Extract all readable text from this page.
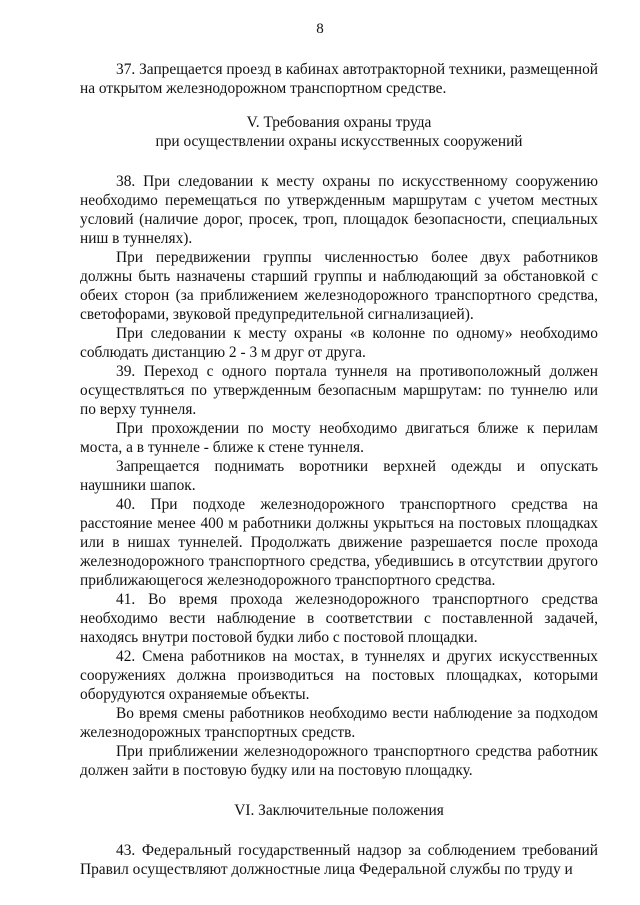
8

37. Запрещается проезд в кабинах автотракторной техники, размещенной на открытом железнодорожном транспортном средстве.

V. Требования охраны труда

при осуществлении охраны искусственных сооружений

38. При следовании к месту охраны по искусственному сооружению необходимо перемещаться по утвержденным маршрутам с учетом местных условий (наличие дорог, просек, троп, площадок безопасности, специальных ниш в туннелях).

При передвижении группы численностью более двух работников должны быть назначены старший группы и наблюдающий за обстановкой с обеих сторон (за приближением железнодорожного транспортного средства, светофорами, звуковой предупредительной сигнализацией).

При следовании к месту охраны «в колонне по одному» необходимо соблюдать дистанцию 2 - 3 м друг от друга.

39. Переход с одного портала туннеля на противоположный должен осуществляться по утвержденным безопасным маршрутам: по туннелю или по верху туннеля.

При прохождении по мосту необходимо двигаться ближе к перилам моста, а в туннеле - ближе к стене туннеля.

Запрещается поднимать воротники верхней одежды и опускать наушники шапок.

40. При подходе железнодорожного транспортного средства на расстояние менее 400 м работники должны укрыться на постовых площадках или в нишах туннелей. Продолжать движение разрешается после прохода железнодорожного транспортного средства, убедившись в отсутствии другого приближающегося железнодорожного транспортного средства.

41. Во время прохода железнодорожного транспортного средства необходимо вести наблюдение в соответствии с поставленной задачей, находясь внутри постовой будки либо с постовой площадки.

42. Смена работников на мостах, в туннелях и других искусственных сооружениях должна производиться на постовых площадках, которыми оборудуются охраняемые объекты.

Во время смены работников необходимо вести наблюдение за подходом железнодорожных транспортных средств.

При приближении железнодорожного транспортного средства работник должен зайти в постовую будку или на постовую площадку.

VI. Заключительные положения

43. Федеральный государственный надзор за соблюдением требований Правил осуществляют должностные лица Федеральной службы по труду и
